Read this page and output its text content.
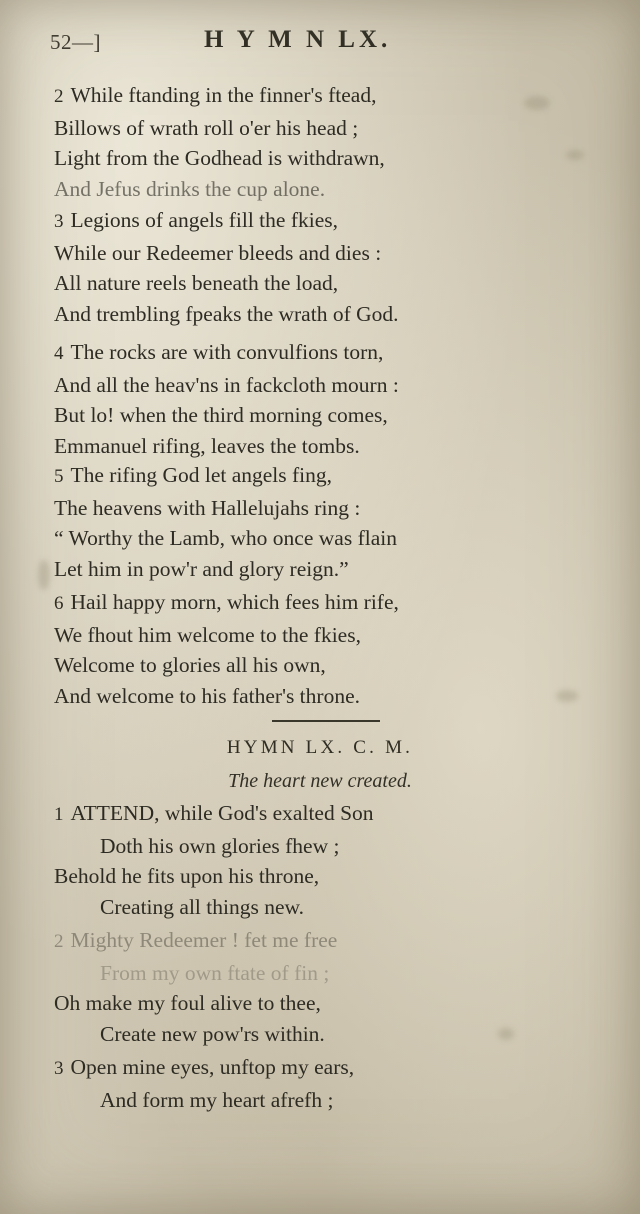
52—]	H Y M N LX.
2 While ftanding in the finner's ftead,
Billows of wrath roll o'er his head ;
Light from the Godhead is withdrawn,
And Jefus drinks the cup alone.
3 Legions of angels fill the fkies,
While our Redeemer bleeds and dies :
All nature reels beneath the load,
And trembling fpeaks the wrath of God.
4 The rocks are with convulfions torn,
And all the heav'ns in fackcloth mourn :
But lo! when the third morning comes,
Emmanuel rifing, leaves the tombs.
5 The rifing God let angels fing,
The heavens with Hallelujahs ring :
“ Worthy the Lamb, who once was flain
Let him in pow'r and glory reign.”
6 Hail happy morn, which fees him rife,
We fhout him welcome to the fkies,
Welcome to glories all his own,
And welcome to his father's throne.
HYMN LX. C. M.
The heart new created.
1 ATTEND, while God's exalted Son
Doth his own glories fhew ;
Behold he fits upon his throne,
Creating all things new.
2 Mighty Redeemer ! fet me free
From my own ftate of fin ;
Oh make my foul alive to thee,
Create new pow'rs within.
3 Open mine eyes, unftop my ears,
And form my heart afrefh ;
